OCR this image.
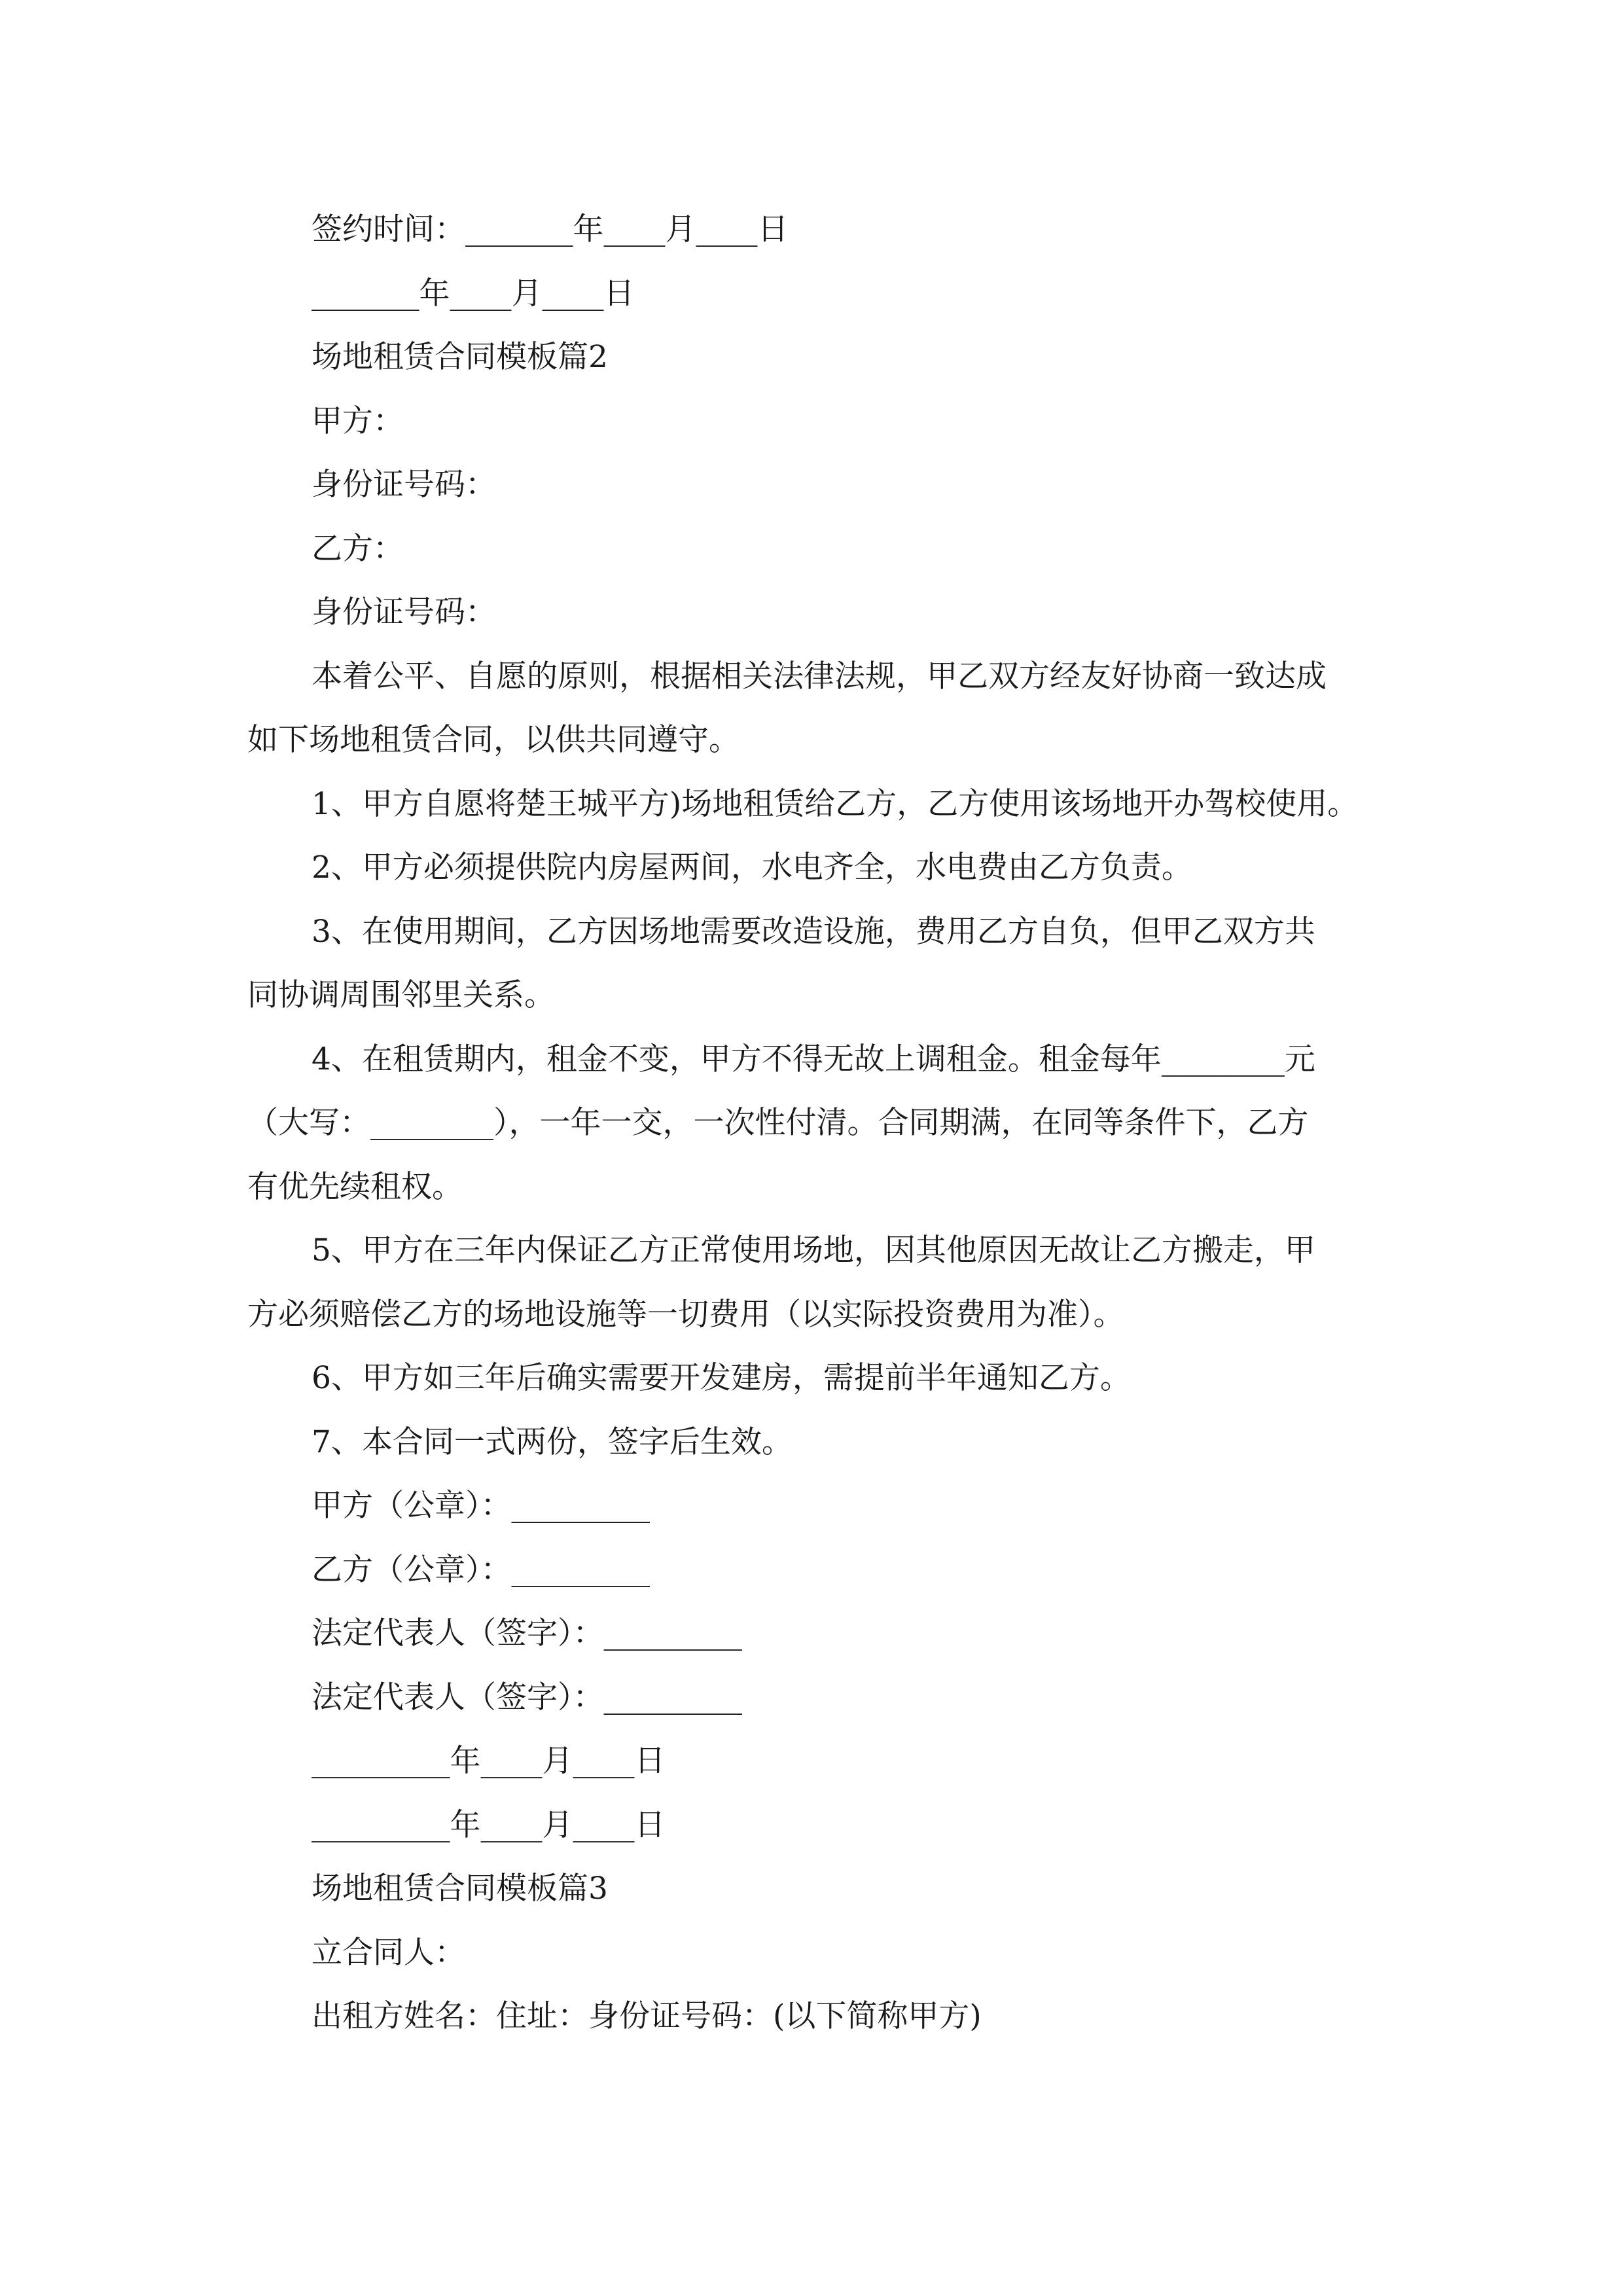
签约时间：_______年____月____日
_______年____月____日
场地租赁合同模板篇2
甲方：
身份证号码：
乙方：
身份证号码：
本着公平、自愿的原则，根据相关法律法规，甲乙双方经友好协商一致达成
如下场地租赁合同，以供共同遵守。
1、甲方自愿将楚王城平方)场地租赁给乙方，乙方使用该场地开办驾校使用。
2、甲方必须提供院内房屋两间，水电齐全，水电费由乙方负责。
3、在使用期间，乙方因场地需要改造设施，费用乙方自负，但甲乙双方共
同协调周围邻里关系。
4、在租赁期内，租金不变，甲方不得无故上调租金。租金每年________元
（大写：________），一年一交，一次性付清。合同期满，在同等条件下，乙方
有优先续租权。
5、甲方在三年内保证乙方正常使用场地，因其他原因无故让乙方搬走，甲
方必须赔偿乙方的场地设施等一切费用（以实际投资费用为准）。
6、甲方如三年后确实需要开发建房，需提前半年通知乙方。
7、本合同一式两份，签字后生效。
甲方（公章）：_________
乙方（公章）：_________
法定代表人（签字）：_________
法定代表人（签字）：_________
_________年____月____日
_________年____月____日
场地租赁合同模板篇3
立合同人：
出租方姓名：住址：身份证号码：(以下简称甲方)
